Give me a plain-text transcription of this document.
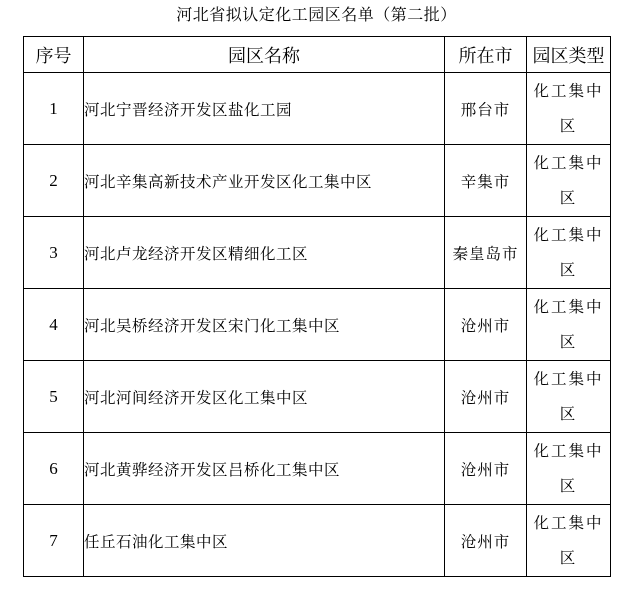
河北省拟认定化工园区名单（第二批）
序号	园区名称	所在市	园区类型
1	河北宁晋经济开发区盐化工园	邢台市	化工集中区
2	河北辛集高新技术产业开发区化工集中区	辛集市	化工集中区
3	河北卢龙经济开发区精细化工区	秦皇岛市	化工集中区
4	河北吴桥经济开发区宋门化工集中区	沧州市	化工集中区
5	河北河间经济开发区化工集中区	沧州市	化工集中区
6	河北黄骅经济开发区吕桥化工集中区	沧州市	化工集中区
7	任丘石油化工集中区	沧州市	化工集中区
